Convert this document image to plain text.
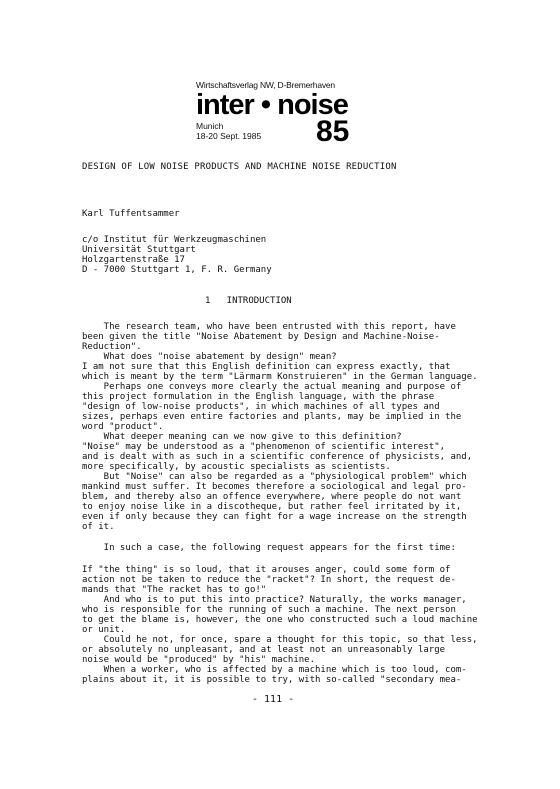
Wirtschaftsverlag NW, D-Bremerhaven
inter • noise
Munich
18-20 Sept. 1985	85
DESIGN OF LOW NOISE PRODUCTS AND MACHINE NOISE REDUCTION
Karl Tuffentsammer
c/o Institut für Werkzeugmaschinen
Universität Stuttgart
Holzgartenstraße 17
D - 7000 Stuttgart 1, F. R. Germany
1   INTRODUCTION
The research team, who have been entrusted with this report, have
been given the title "Noise Abatement by Design and Machine-Noise-
Reduction".
What does "noise abatement by design" mean?
I am not sure that this English definition can express exactly, that
which is meant by the term "Lärmarm Konstruieren" in the German language.
Perhaps one conveys more clearly the actual meaning and purpose of
this project formulation in the English language, with the phrase
"design of low-noise products", in which machines of all types and
sizes, perhaps even entire factories and plants, may be implied in the
word "product".
What deeper meaning can we now give to this definition?
"Noise" may be understood as a "phenomenon of scientific interest",
and is dealt with as such in a scientific conference of physicists, and,
more specifically, by acoustic specialists as scientists.
But "Noise" can also be regarded as a "physiological problem" which
mankind must suffer. It becomes therefore a sociological and legal pro-
blem, and thereby also an offence everywhere, where people do not want
to enjoy noise like in a discotheque, but rather feel irritated by it,
even if only because they can fight for a wage increase on the strength
of it.
In such a case, the following request appears for the first time:
If "the thing" is so loud, that it arouses anger, could some form of
action not be taken to reduce the "racket"? In short, the request de-
mands that "The racket has to go!"
And who is to put this into practice? Naturally, the works manager,
who is responsible for the running of such a machine. The next person
to get the blame is, however, the one who constructed such a loud machine
or unit.
Could he not, for once, spare a thought for this topic, so that less,
or absolutely no unpleasant, and at least not an unreasonably large
noise would be "produced" by "his" machine.
When a worker, who is affected by a machine which is too loud, com-
plains about it, it is possible to try, with so-called "secondary mea-
- 111 -
